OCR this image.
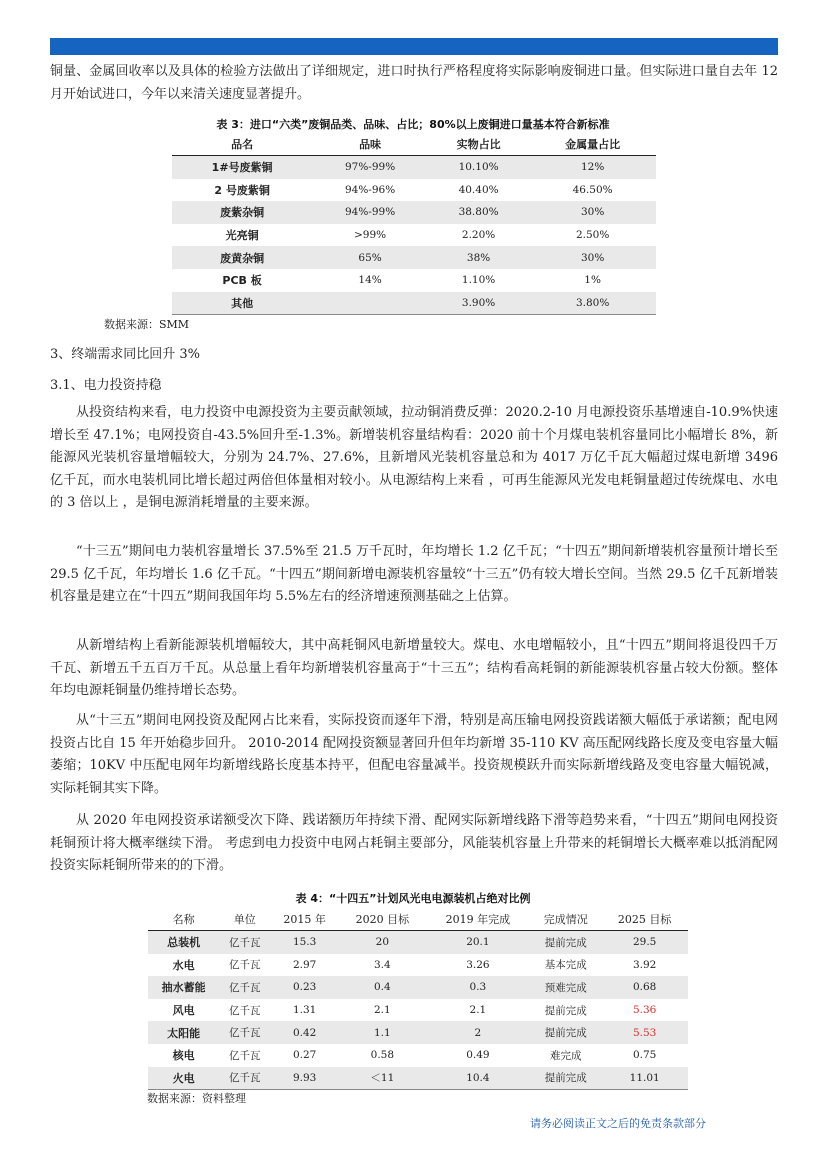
铜量、金属回收率以及具体的检验方法做出了详细规定，进口时执行严格程度将实际影响废铜进口量。但实际进口量自去年 12 月开始试进口，今年以来清关速度显著提升。

表 3：进口“六类”废铜品类、品味、占比；80%以上废铜进口量基本符合新标准
品名	品味	实物占比	金属量占比
1#号废紫铜	97%-99%	10.10%	12%
2 号废紫铜	94%-96%	40.40%	46.50%
废紫杂铜	94%-99%	38.80%	30%
光亮铜	>99%	2.20%	2.50%
废黄杂铜	65%	38%	30%
PCB 板	14%	1.10%	1%
其他		3.90%	3.80%
数据来源：SMM
3、终端需求同比回升 3%
3.1、电力投资持稳

从投资结构来看，电力投资中电源投资为主要贡献领域，拉动铜消费反弹：2020.2-10 月电源投资乐基增速自-10.9%快速增长至 47.1%；电网投资自-43.5%回升至-1.3%。新增装机容量结构看：2020 前十个月煤电装机容量同比小幅增长 8%，新能源风光装机容量增幅较大，分别为 24.7%、27.6%，且新增风光装机容量总和为 4017 万亿千瓦大幅超过煤电新增 3496 亿千瓦，而水电装机同比增长超过两倍但体量相对较小。从电源结构上来看 ，可再生能源风光发电耗铜量超过传统煤电、水电的 3 倍以上 ，是铜电源消耗增量的主要来源。

“十三五”期间电力装机容量增长 37.5%至 21.5 万千瓦时，年均增长 1.2 亿千瓦；“十四五”期间新增装机容量预计增长至 29.5 亿千瓦，年均增长 1.6 亿千瓦。“十四五”期间新增电源装机容量较“十三五”仍有较大增长空间。当然 29.5 亿千瓦新增装机容量是建立在“十四五”期间我国年均 5.5%左右的经济增速预测基础之上估算。

从新增结构上看新能源装机增幅较大，其中高耗铜风电新增量较大。煤电、水电增幅较小，且“十四五”期间将退役四千万千瓦、新增五千五百万千瓦。从总量上看年均新增装机容量高于“十三五”；结构看高耗铜的新能源装机容量占较大份额。整体年均电源耗铜量仍维持增长态势。

从“十三五”期间电网投资及配网占比来看，实际投资而逐年下滑，特别是高压输电网投资践诺额大幅低于承诺额；配电网投资占比自 15 年开始稳步回升。 2010-2014 配网投资额显著回升但年均新增 35-110 KV 高压配网线路长度及变电容量大幅萎缩；10KV 中压配电网年均新增线路长度基本持平，但配电容量减半。投资规模跃升而实际新增线路及变电容量大幅锐减，实际耗铜其实下降。

从 2020 年电网投资承诺额受次下降、践诺额历年持续下滑、配网实际新增线路下滑等趋势来看，“十四五”期间电网投资耗铜预计将大概率继续下滑。 考虑到电力投资中电网占耗铜主要部分，风能装机容量上升带来的耗铜增长大概率难以抵消配网投资实际耗铜所带来的的下滑。

表 4：“十四五”计划风光电电源装机占绝对比例
名称	单位	2015 年	2020 目标	2019 年完成	完成情况	2025 目标
总装机	亿千瓦	15.3	20	20.1	提前完成	29.5
水电	亿千瓦	2.97	3.4	3.26	基本完成	3.92
抽水蓄能	亿千瓦	0.23	0.4	0.3	预难完成	0.68
风电	亿千瓦	1.31	2.1	2.1	提前完成	5.36
太阳能	亿千瓦	0.42	1.1	2	提前完成	5.53
核电	亿千瓦	0.27	0.58	0.49	难完成	0.75
火电	亿千瓦	9.93	＜11	10.4	提前完成	11.01
数据来源：资料整理
请务必阅读正文之后的免责条款部分
